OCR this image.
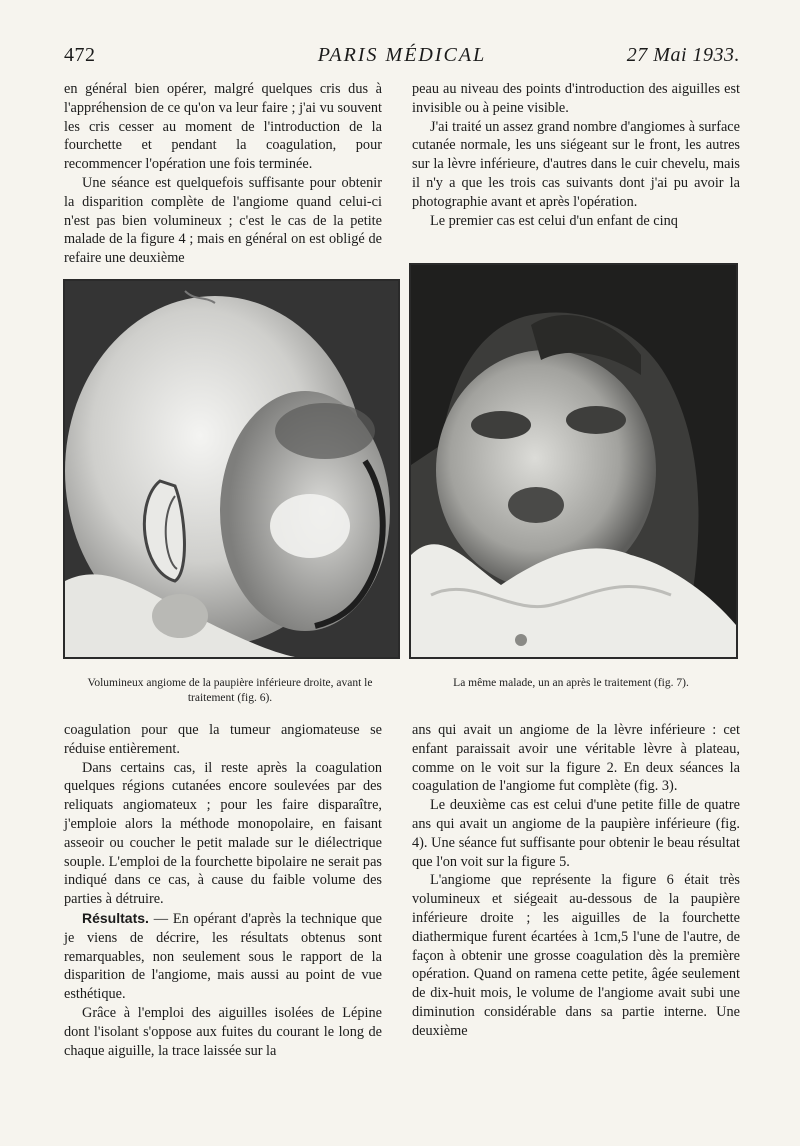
472	PARIS MÉDICAL	27 Mai 1933.

en général bien opérer, malgré quelques cris dus à l'appréhension de ce qu'on va leur faire ; j'ai vu souvent les cris cesser au moment de l'introduction de la fourchette et pendant la coagulation, pour recommencer l'opération une fois terminée.

Une séance est quelquefois suffisante pour obtenir la disparition complète de l'angiome quand celui-ci n'est pas bien volumineux ; c'est le cas de la petite malade de la figure 4 ; mais en général on est obligé de refaire une deuxième

peau au niveau des points d'introduction des aiguilles est invisible ou à peine visible.

J'ai traité un assez grand nombre d'angiomes à surface cutanée normale, les uns siégeant sur le front, les autres sur la lèvre inférieure, d'autres dans le cuir chevelu, mais il n'y a que les trois cas suivants dont j'ai pu avoir la photographie avant et après l'opération.

Le premier cas est celui d'un enfant de cinq

Volumineux angiome de la paupière inférieure droite, avant le traitement (fig. 6).
La même malade, un an après le traitement (fig. 7).

coagulation pour que la tumeur angiomateuse se réduise entièrement.

Dans certains cas, il reste après la coagulation quelques régions cutanées encore soulevées par des reliquats angiomateux ; pour les faire disparaître, j'emploie alors la méthode monopolaire, en faisant asseoir ou coucher le petit malade sur le diélectrique souple. L'emploi de la fourchette bipolaire ne serait pas indiqué dans ce cas, à cause du faible volume des parties à détruire.

Résultats. — En opérant d'après la technique que je viens de décrire, les résultats obtenus sont remarquables, non seulement sous le rapport de la disparition de l'angiome, mais aussi au point de vue esthétique.

Grâce à l'emploi des aiguilles isolées de Lépine dont l'isolant s'oppose aux fuites du courant le long de chaque aiguille, la trace laissée sur la

ans qui avait un angiome de la lèvre inférieure : cet enfant paraissait avoir une véritable lèvre à plateau, comme on le voit sur la figure 2. En deux séances la coagulation de l'angiome fut complète (fig. 3).

Le deuxième cas est celui d'une petite fille de quatre ans qui avait un angiome de la paupière inférieure (fig. 4). Une séance fut suffisante pour obtenir le beau résultat que l'on voit sur la figure 5.

L'angiome que représente la figure 6 était très volumineux et siégeait au-dessous de la paupière inférieure droite ; les aiguilles de la fourchette diathermique furent écartées à 1cm,5 l'une de l'autre, de façon à obtenir une grosse coagulation dès la première opération. Quand on ramena cette petite, âgée seulement de dix-huit mois, le volume de l'angiome avait subi une diminution considérable dans sa partie interne. Une deuxième
